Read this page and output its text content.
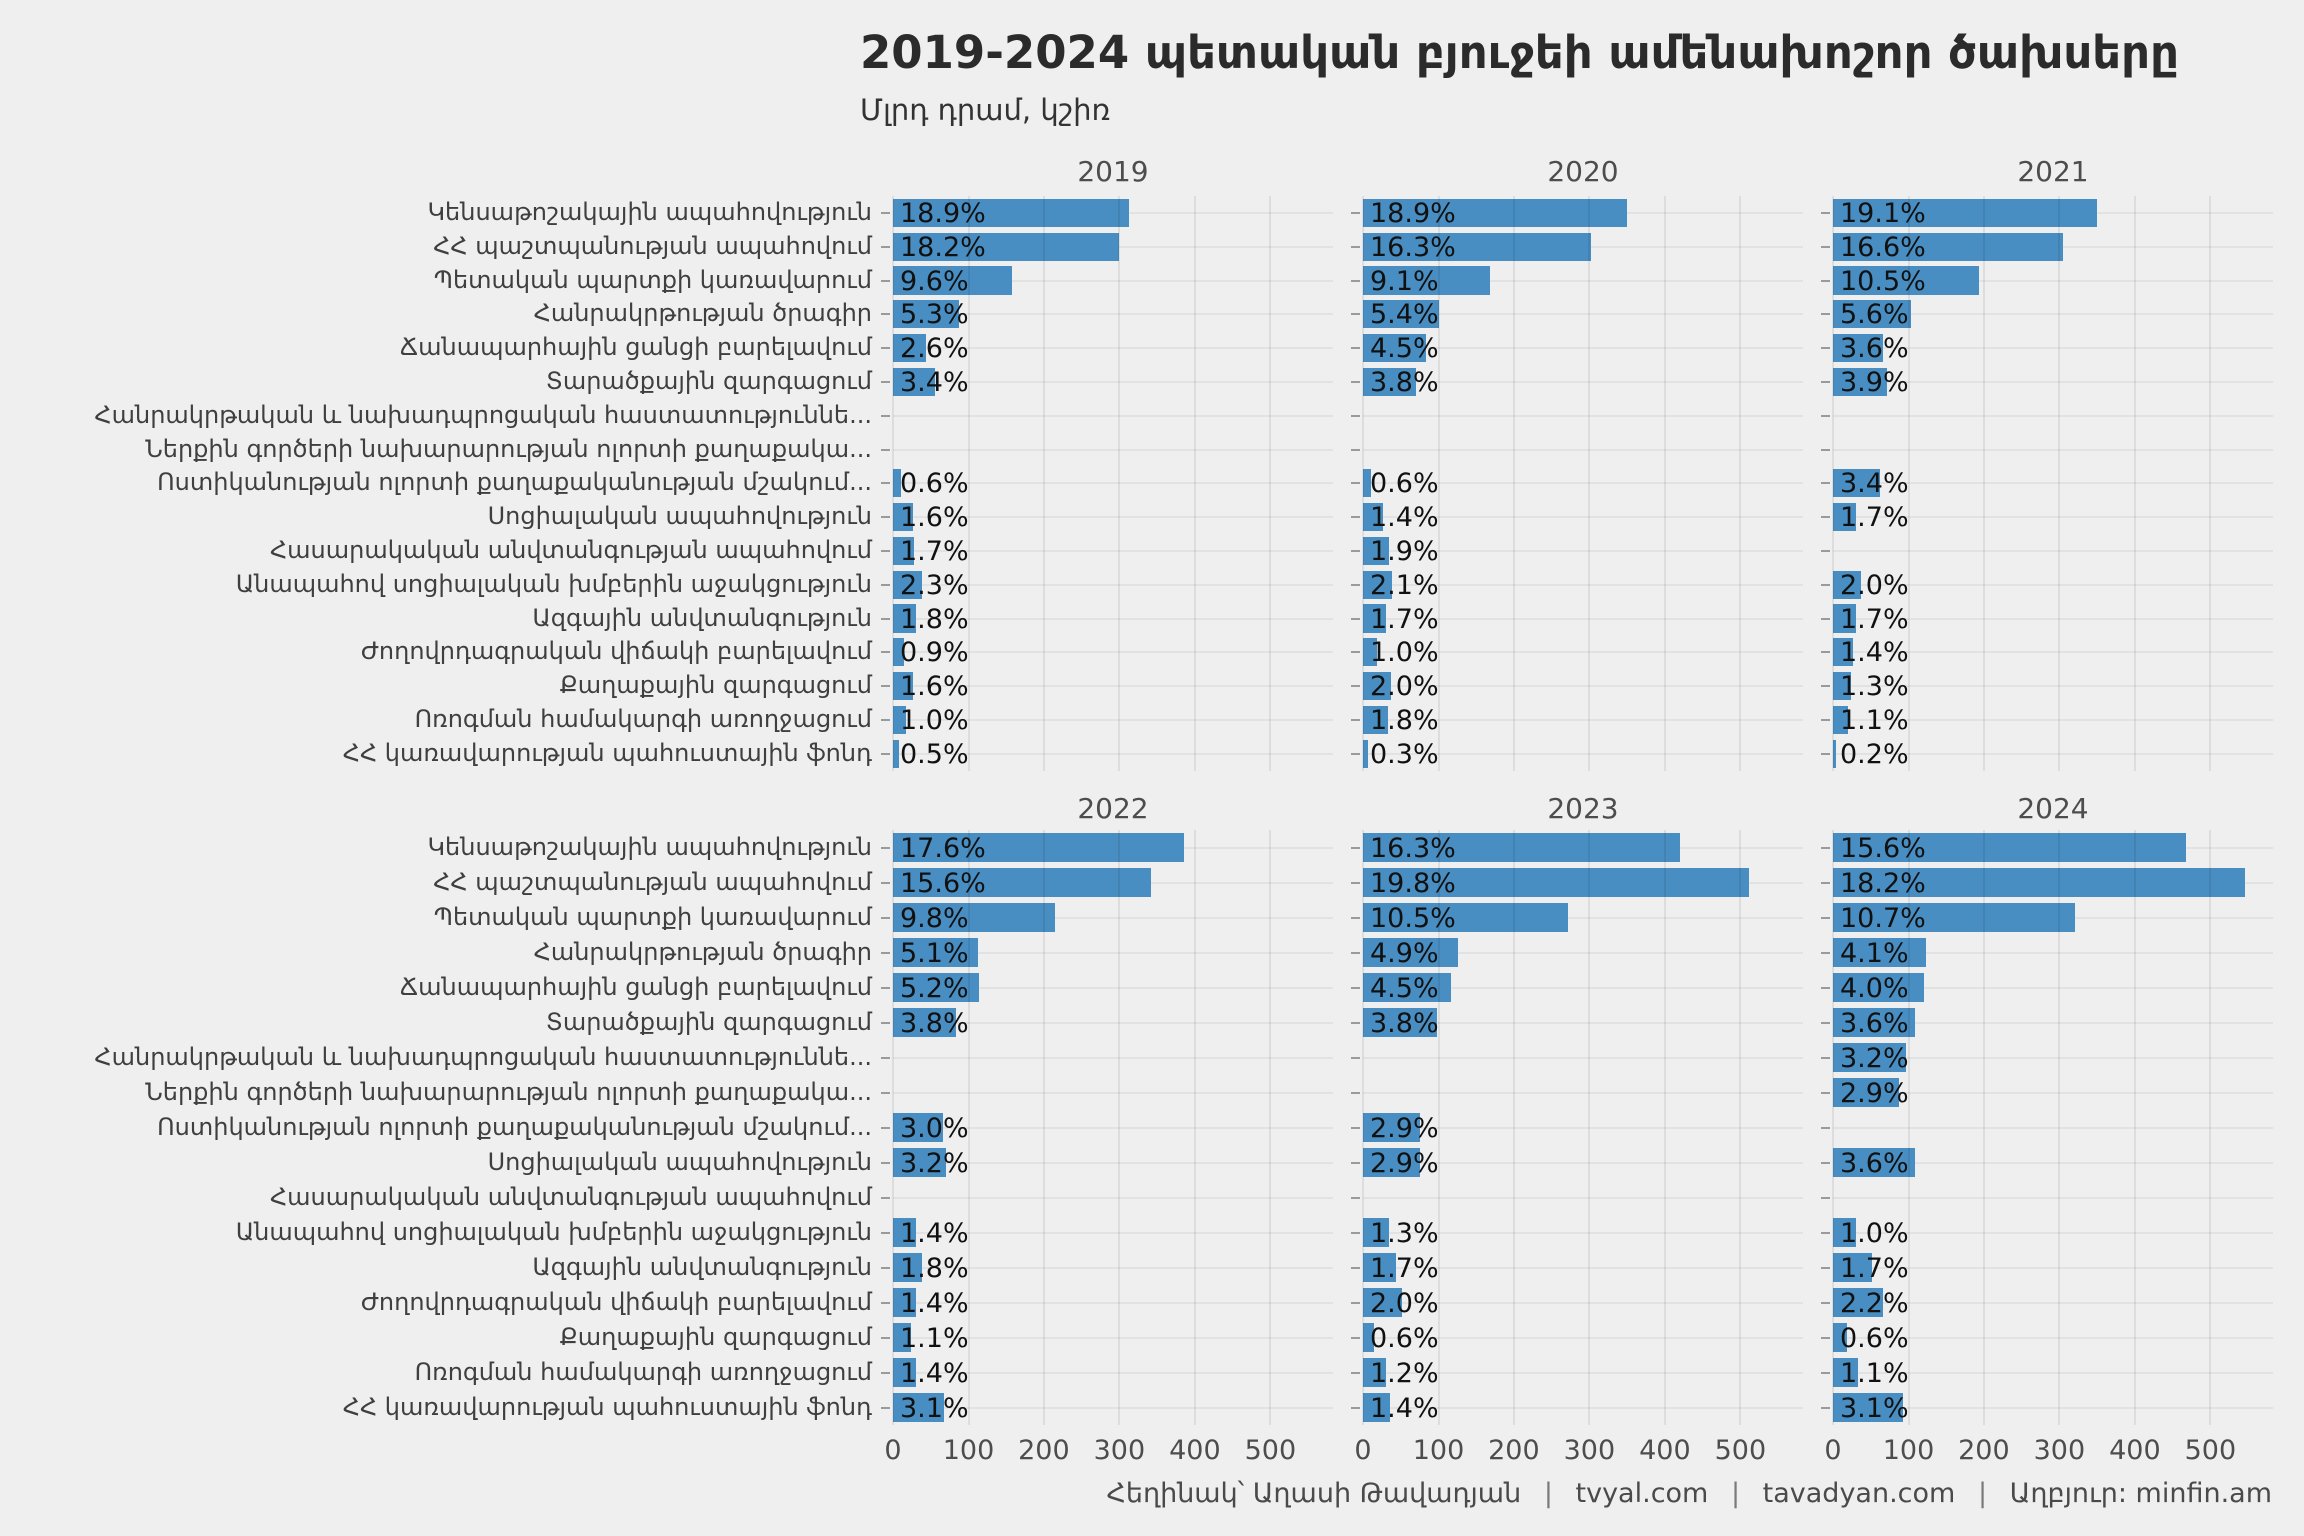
2019-2024 պետական բյուջեի ամենախոշոր ծախսերը
Մլրդ դրամ, կշիռ
Կենսաթոշակային ապահովություն
ՀՀ պաշտպանության ապահովում
Պետական պարտքի կառավարում
Հանրակրթության ծրագիր
Ճանապարհային ցանցի բարելավում
Տարածքային զարգացում
Հանրակրթական և նախադպրոցական հաստատություննե...
Ներքին գործերի նախարարության ոլորտի քաղաքակա...
Ոստիկանության ոլորտի քաղաքականության մշակում...
Սոցիալական ապահովություն
Հասարակական անվտանգության ապահովում
Անապահով սոցիալական խմբերին աջակցություն
Ազգային անվտանգություն
Ժողովրդագրական վիճակի բարելավում
Քաղաքային զարգացում
Ոռոգման համակարգի առողջացում
ՀՀ կառավարության պահուստային ֆոնդ
2019
18.9%
18.2%
9.6%
5.3%
2.6%
3.4%
0.6%
1.6%
1.7%
2.3%
1.8%
0.9%
1.6%
1.0%
0.5%
2020
18.9%
16.3%
9.1%
5.4%
4.5%
3.8%
0.6%
1.4%
1.9%
2.1%
1.7%
1.0%
2.0%
1.8%
0.3%
2021
19.1%
16.6%
10.5%
5.6%
3.6%
3.9%
3.4%
1.7%
2.0%
1.7%
1.4%
1.3%
1.1%
0.2%
Կենսաթոշակային ապահովություն
ՀՀ պաշտպանության ապահովում
Պետական պարտքի կառավարում
Հանրակրթության ծրագիր
Ճանապարհային ցանցի բարելավում
Տարածքային զարգացում
Հանրակրթական և նախադպրոցական հաստատություննե...
Ներքին գործերի նախարարության ոլորտի քաղաքակա...
Ոստիկանության ոլորտի քաղաքականության մշակում...
Սոցիալական ապահովություն
Հասարակական անվտանգության ապահովում
Անապահով սոցիալական խմբերին աջակցություն
Ազգային անվտանգություն
Ժողովրդագրական վիճակի բարելավում
Քաղաքային զարգացում
Ոռոգման համակարգի առողջացում
ՀՀ կառավարության պահուստային ֆոնդ
2022
17.6%
15.6%
9.8%
5.1%
5.2%
3.8%
3.0%
3.2%
1.4%
1.8%
1.4%
1.1%
1.4%
3.1%
0	100 200 300 400 500
2023
16.3%
19.8%
10.5%
4.9%
4.5%
3.8%
2.9%
2.9%
1.3%
1.7%
2.0%
0.6%
1.2%
1.4%
0	100 200 300 400 500
2024
15.6%
18.2%
10.7%
4.1%
4.0%
3.6%
3.2%
2.9%
3.6%
1.0%
1.7%
2.2%
0.6%
1.1%
3.1%
0	100 200 300 400 500
Հեղինակ՝ Աղասի Թավադյան | tvyal.com | tavadyan.com | Աղբյուր: minfin.am
